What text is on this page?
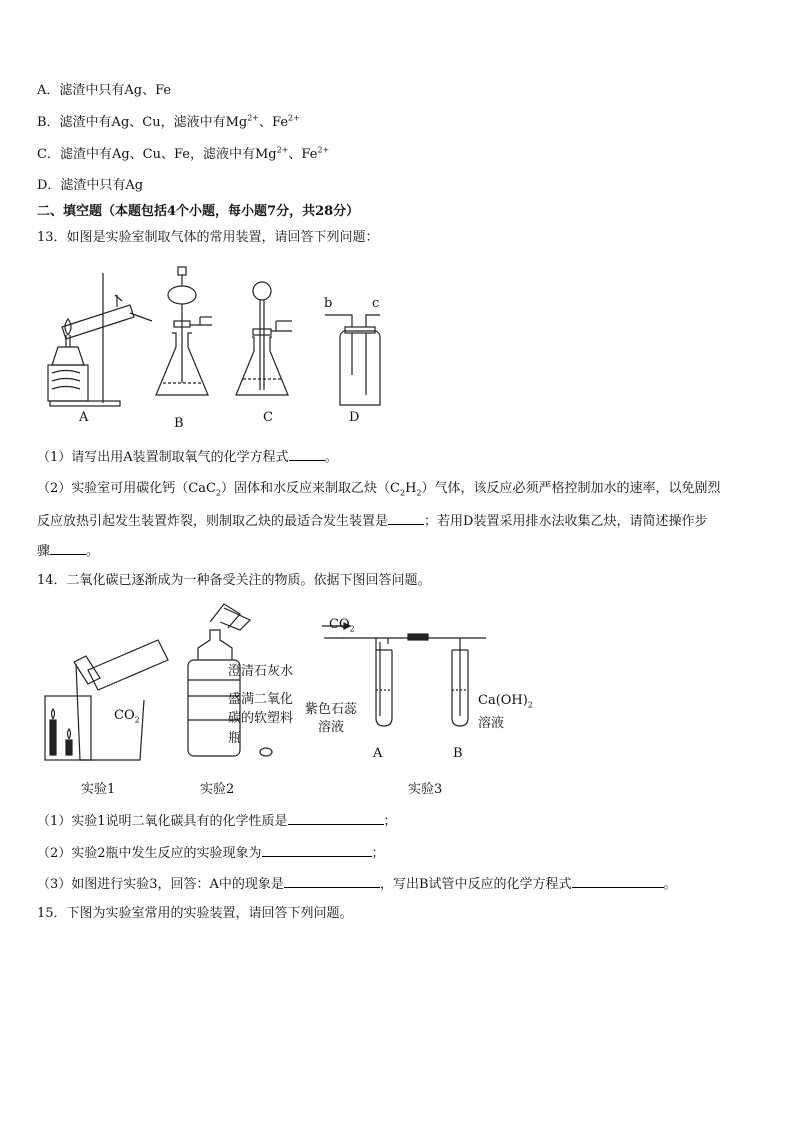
A．滤渣中只有Ag、Fe
B．滤渣中有Ag、Cu，滤液中有$Mg^{2+}$、$Fe^{2+}$
C．滤渣中有Ag、Cu、Fe，滤液中有$Mg^{2+}$、$Fe^{2+}$
D．滤渣中只有Ag
二、填空题（本题包括4个小题，每小题7分，共28分）
13．如图是实验室制取气体的常用装置，请回答下列问题：
A	B	C	D
b	c
（1）请写出用A装置制取氧气的化学方程式	。
（2）实验室可用碳化钙（CaC$_2$）固体和水反应来制取乙炔$(C_2H_2)$气体，该反应必须严格控制加水的速率，以免剧烈
反应放热引起发生装置炸裂，则制取乙炔的最适合发生装置是	；若用D装置采用排水法收集乙炔，请简述操作步
骤	。
14．二氧化碳已逐渐成为一种备受关注的物质。依据下图回答问题。
$CO_2$
澄清石灰水
盛满二氧化
碳的软塑料
瓶
$CO_2$
紫色石蕊
溶液
$Ca(OH)_2$
溶液
A	B
实验1	实验2	实验3
（1）实验1说明二氧化碳具有的化学性质是	；
（2）实验2瓶中发生反应的实验现象为	；
（3）如图进行实验3，回答：A中的现象是	，写出B试管中反应的化学方程式	。
15．下图为实验室常用的实验装置，请回答下列问题。
